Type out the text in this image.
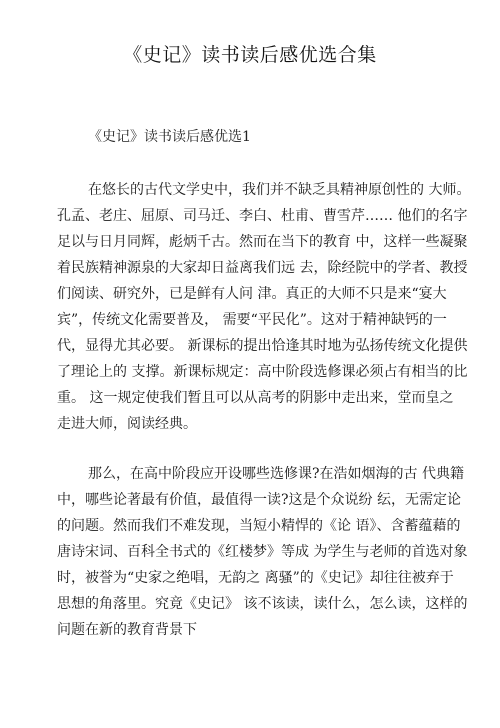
《史记》读书读后感优选合集
《史记》读书读后感优选1
在悠长的古代文学史中，我们并不缺乏具精神原创性的 大师。
孔孟、老庄、屈原、司马迁、李白、杜甫、曹雪芹…… 他们的名字
足以与日月同辉，彪炳千古。然而在当下的教育 中，这样一些凝聚
着民族精神源泉的大家却日益离我们远 去，除经院中的学者、教授
们阅读、研究外，已是鲜有人问 津。真正的大师不只是来“宴大
宾”，传统文化需要普及， 需要“平民化”。这对于精神缺钙的一
代，显得尤其必要。 新课标的提出恰逢其时地为弘扬传统文化提供
了理论上的 支撑。新课标规定：高中阶段选修课必须占有相当的比
重。 这一规定使我们暂且可以从高考的阴影中走出来，堂而皇之
走进大师，阅读经典。
那么，在高中阶段应开设哪些选修课?在浩如烟海的古 代典籍
中，哪些论著最有价值，最值得一读?这是个众说纷 纭，无需定论
的问题。然而我们不难发现，当短小精悍的《论 语》、含蓄蕴藉的
唐诗宋词、百科全书式的《红楼梦》等成 为学生与老师的首选对象
时，被誉为“史家之绝唱，无韵之 离骚”的《史记》却往往被弃于
思想的角落里。究竟《史记》 该不该读，读什么，怎么读，这样的
问题在新的教育背景下
